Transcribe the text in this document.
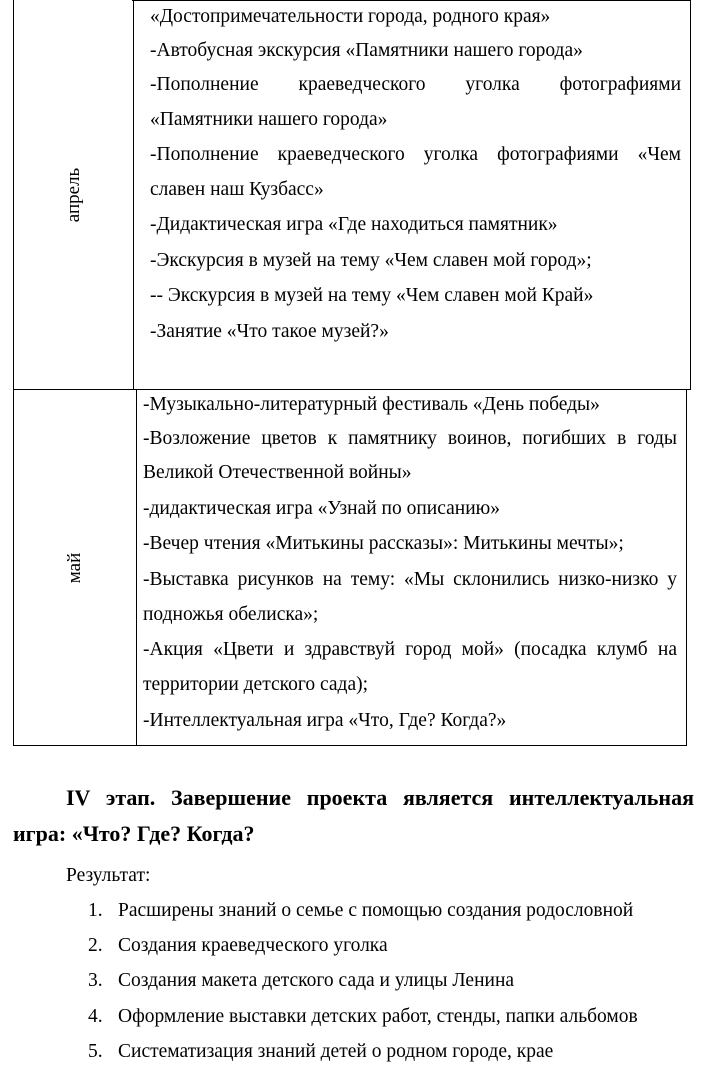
апрель
«Достопримечательности города, родного края»
-Автобусная экскурсия «Памятники нашего города»
-Пополнение краеведческого уголка фотографиями
«Памятники нашего города»
-Пополнение краеведческого уголка фотографиями «Чем
славен наш Кузбасс»
-Дидактическая игра «Где находиться памятник»
-Экскурсия в музей на тему «Чем славен мой город»;
-- Экскурсия в музей на тему «Чем славен мой Край»
-Занятие «Что такое музей?»
май
-Музыкально-литературный фестиваль «День победы»
-Возложение цветов к памятнику воинов, погибших в годы
Великой Отечественной войны»
-дидактическая игра «Узнай по описанию»
-Вечер чтения «Митькины рассказы»: Митькины мечты»;
-Выставка рисунков на тему: «Мы склонились низко-низко у
подножья обелиска»;
-Акция «Цвети и здравствуй город мой» (посадка клумб на
территории детского сада);
-Интеллектуальная игра «Что, Где? Когда?»
IV этап. Завершение проекта является интеллектуальная
игра: «Что? Где? Когда?
Результат:
1. Расширены знаний о семье с помощью создания родословной
2. Создания краеведческого уголка
3. Создания макета детского сада и улицы Ленина
4. Оформление выставки детских работ, стенды, папки альбомов
5. Систематизация знаний детей о родном городе, крае
